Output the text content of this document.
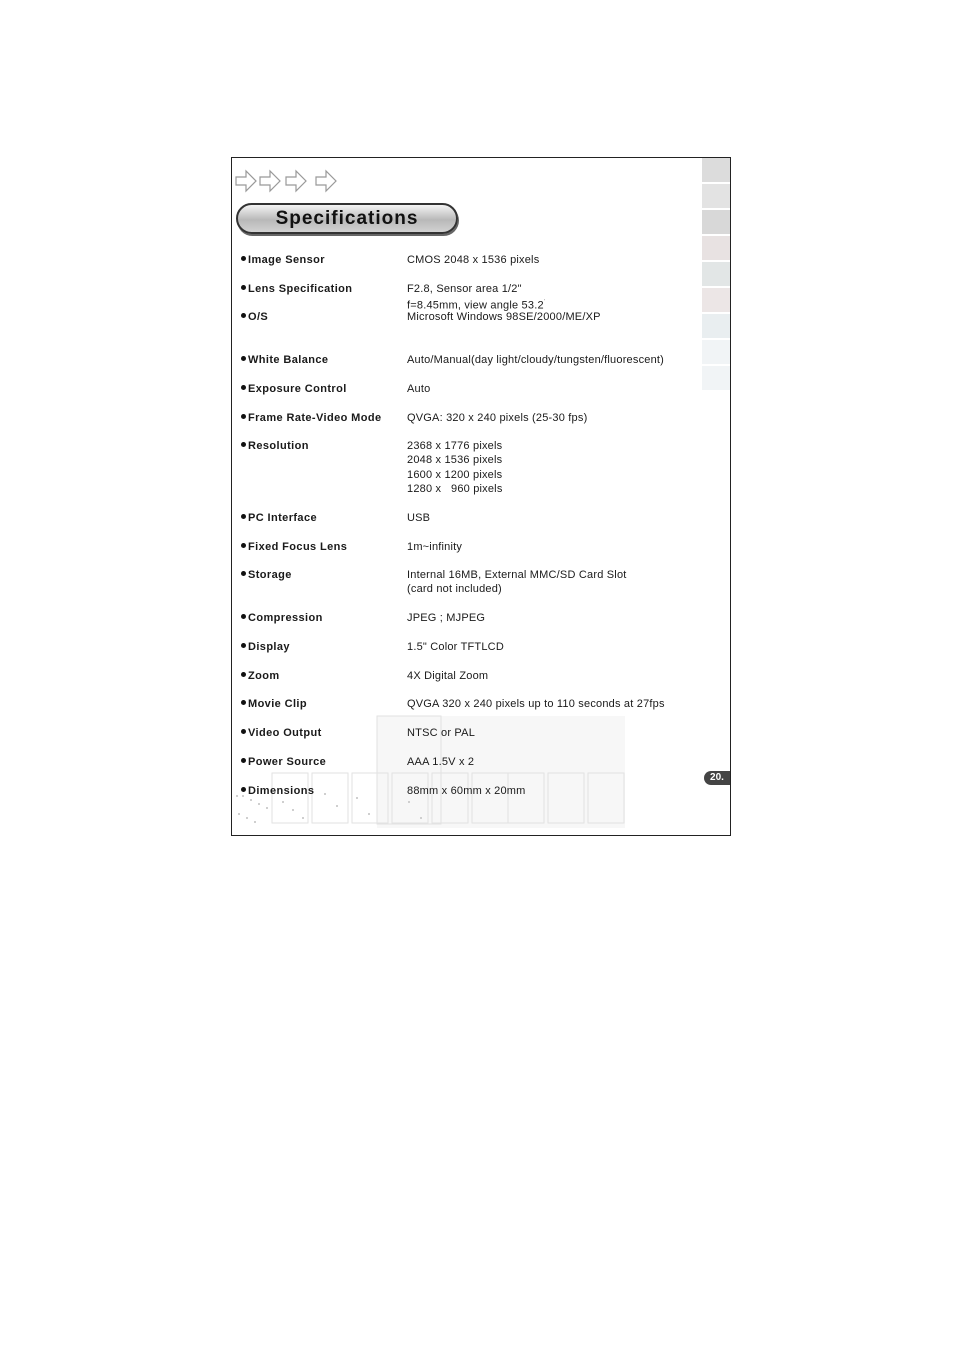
Specifications
20.
Image Sensor	CMOS 2048 x 1536 pixels
Lens Specification	F2.8, Sensor area 1/2"
f=8.45mm, view angle 53.2˙
O/S	Microsoft Windows 98SE/2000/ME/XP
White Balance	Auto/Manual(day light/cloudy/tungsten/fluorescent)
Exposure Control	Auto
Frame Rate-Video Mode	QVGA: 320 x 240 pixels (25-30 fps)
Resolution	2368 x 1776 pixels
2048 x 1536 pixels
1600 x 1200 pixels
1280 x   960 pixels
PC Interface	USB
Fixed Focus Lens	1m~infinity
Storage	Internal 16MB, External MMC/SD Card Slot
(card not included)
Compression	JPEG ; MJPEG
Display	1.5" Color TFTLCD
Zoom	4X Digital Zoom
Movie Clip	QVGA 320 x 240 pixels up to 110 seconds at 27fps
Video Output	NTSC or PAL
Power Source	AAA 1.5V x 2
Dimensions	88mm x 60mm x 20mm
